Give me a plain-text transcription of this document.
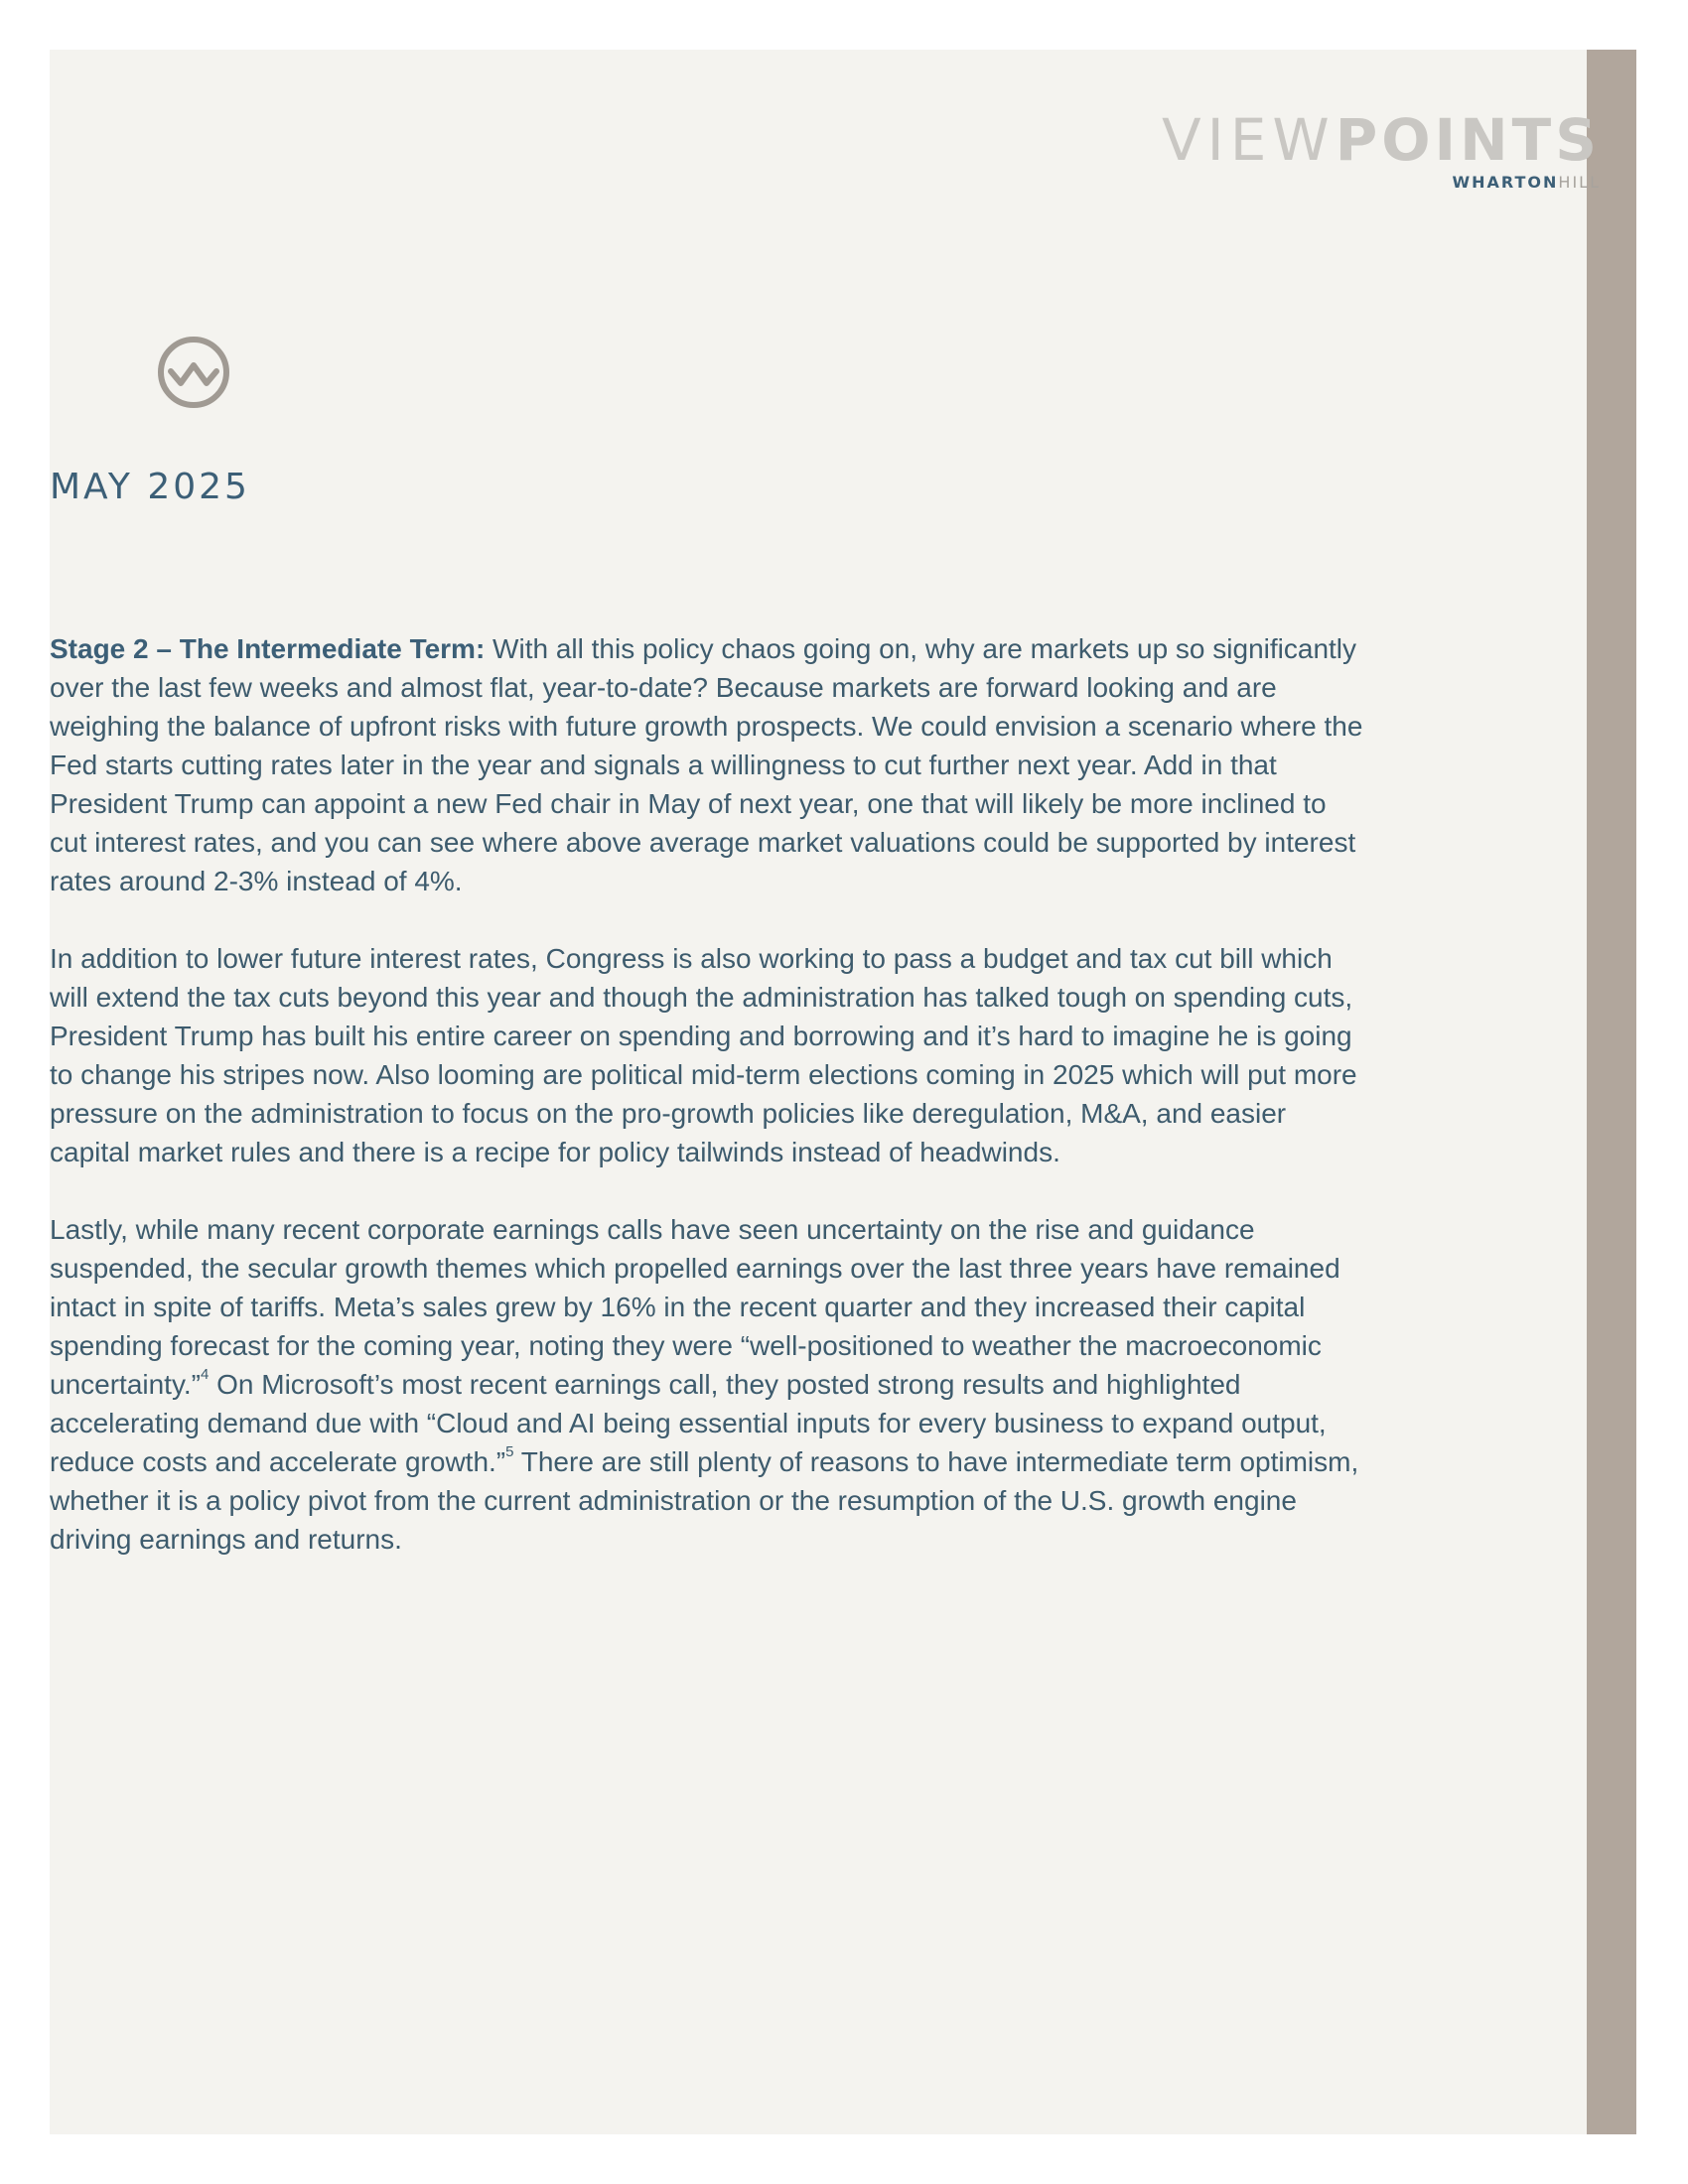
VIEWPOINTS
WHARTONHILL
MAY 2025

Stage 2 – The Intermediate Term: With all this policy chaos going on, why are markets up so significantly over the last few weeks and almost flat, year-to-date? Because markets are forward looking and are weighing the balance of upfront risks with future growth prospects. We could envision a scenario where the Fed starts cutting rates later in the year and signals a willingness to cut further next year. Add in that President Trump can appoint a new Fed chair in May of next year, one that will likely be more inclined to cut interest rates, and you can see where above average market valuations could be supported by interest rates around 2-3% instead of 4%.

In addition to lower future interest rates, Congress is also working to pass a budget and tax cut bill which will extend the tax cuts beyond this year and though the administration has talked tough on spending cuts, President Trump has built his entire career on spending and borrowing and it’s hard to imagine he is going to change his stripes now. Also looming are political mid-term elections coming in 2025 which will put more pressure on the administration to focus on the pro-growth policies like deregulation, M&A, and easier capital market rules and there is a recipe for policy tailwinds instead of headwinds.

Lastly, while many recent corporate earnings calls have seen uncertainty on the rise and guidance suspended, the secular growth themes which propelled earnings over the last three years have remained intact in spite of tariffs. Meta’s sales grew by 16% in the recent quarter and they increased their capital spending forecast for the coming year, noting they were “well-positioned to weather the macroeconomic uncertainty.”$^4$ On Microsoft’s most recent earnings call, they posted strong results and highlighted accelerating demand due with “Cloud and AI being essential inputs for every business to expand output, reduce costs and accelerate growth.”$^5$ There are still plenty of reasons to have intermediate term optimism, whether it is a policy pivot from the current administration or the resumption of the U.S. growth engine driving earnings and returns.
